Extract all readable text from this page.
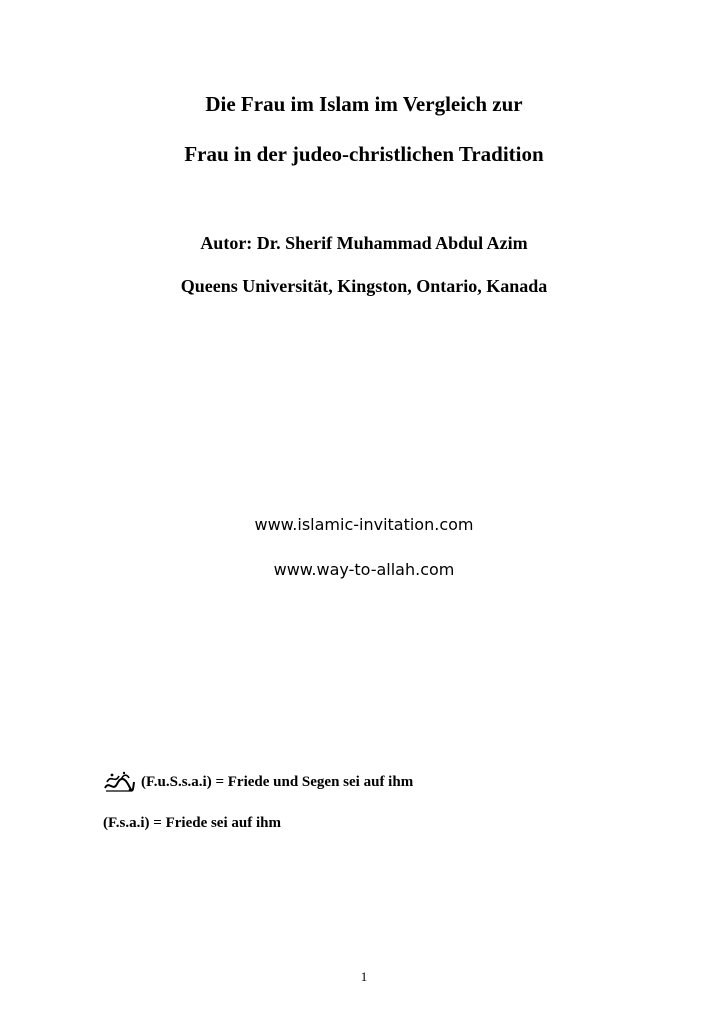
Die Frau im Islam im Vergleich zur
Frau in der judeo-christlichen Tradition
Autor: Dr. Sherif Muhammad Abdul Azim
Queens Universität, Kingston, Ontario, Kanada
www.islamic-invitation.com
www.way-to-allah.com
(F.u.S.s.a.i) = Friede und Segen sei auf ihm
(F.s.a.i) = Friede sei auf ihm
1
